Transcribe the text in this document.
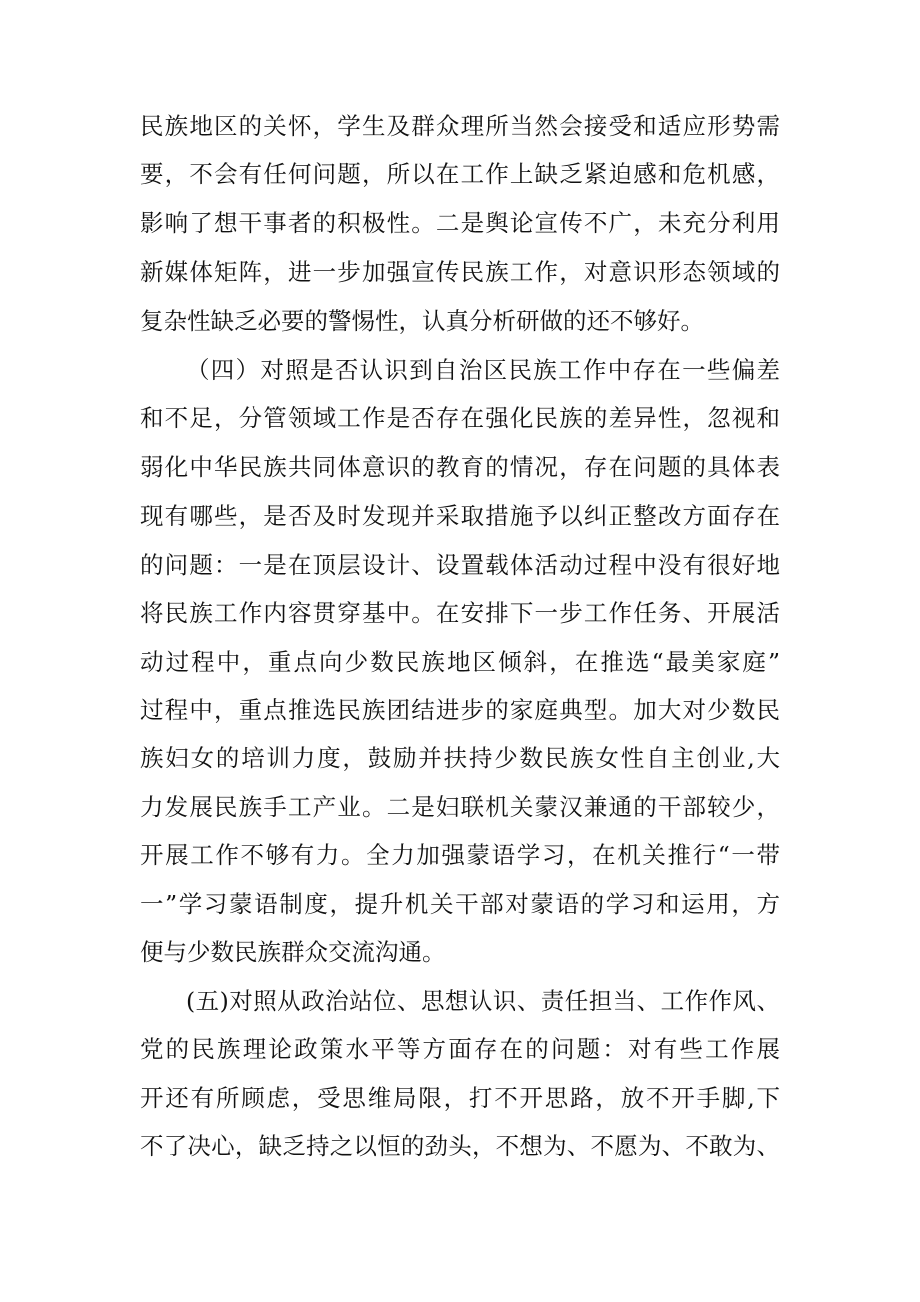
民族地区的关怀，学生及群众理所当然会接受和适应形势需
要，不会有任何问题，所以在工作上缺乏紧迫感和危机感，
影响了想干事者的积极性。二是舆论宣传不广，未充分利用
新媒体矩阵，进一步加强宣传民族工作，对意识形态领域的
复杂性缺乏必要的警惕性，认真分析研做的还不够好。
（四）对照是否认识到自治区民族工作中存在一些偏差
和不足，分管领域工作是否存在强化民族的差异性，忽视和
弱化中华民族共同体意识的教育的情况，存在问题的具体表
现有哪些，是否及时发现并采取措施予以纠正整改方面存在
的问题：一是在顶层设计、设置载体活动过程中没有很好地
将民族工作内容贯穿基中。在安排下一步工作任务、开展活
动过程中，重点向少数民族地区倾斜，在推选“最美家庭”
过程中，重点推选民族团结进步的家庭典型。加大对少数民
族妇女的培训力度，鼓励并扶持少数民族女性自主创业,大
力发展民族手工产业。二是妇联机关蒙汉兼通的干部较少，
开展工作不够有力。全力加强蒙语学习，在机关推行“一带
一”学习蒙语制度，提升机关干部对蒙语的学习和运用，方
便与少数民族群众交流沟通。
(五)对照从政治站位、思想认识、责任担当、工作作风、
党的民族理论政策水平等方面存在的问题：对有些工作展
开还有所顾虑，受思维局限，打不开思路，放不开手脚,下
不了决心，缺乏持之以恒的劲头，不想为、不愿为、不敢为、
